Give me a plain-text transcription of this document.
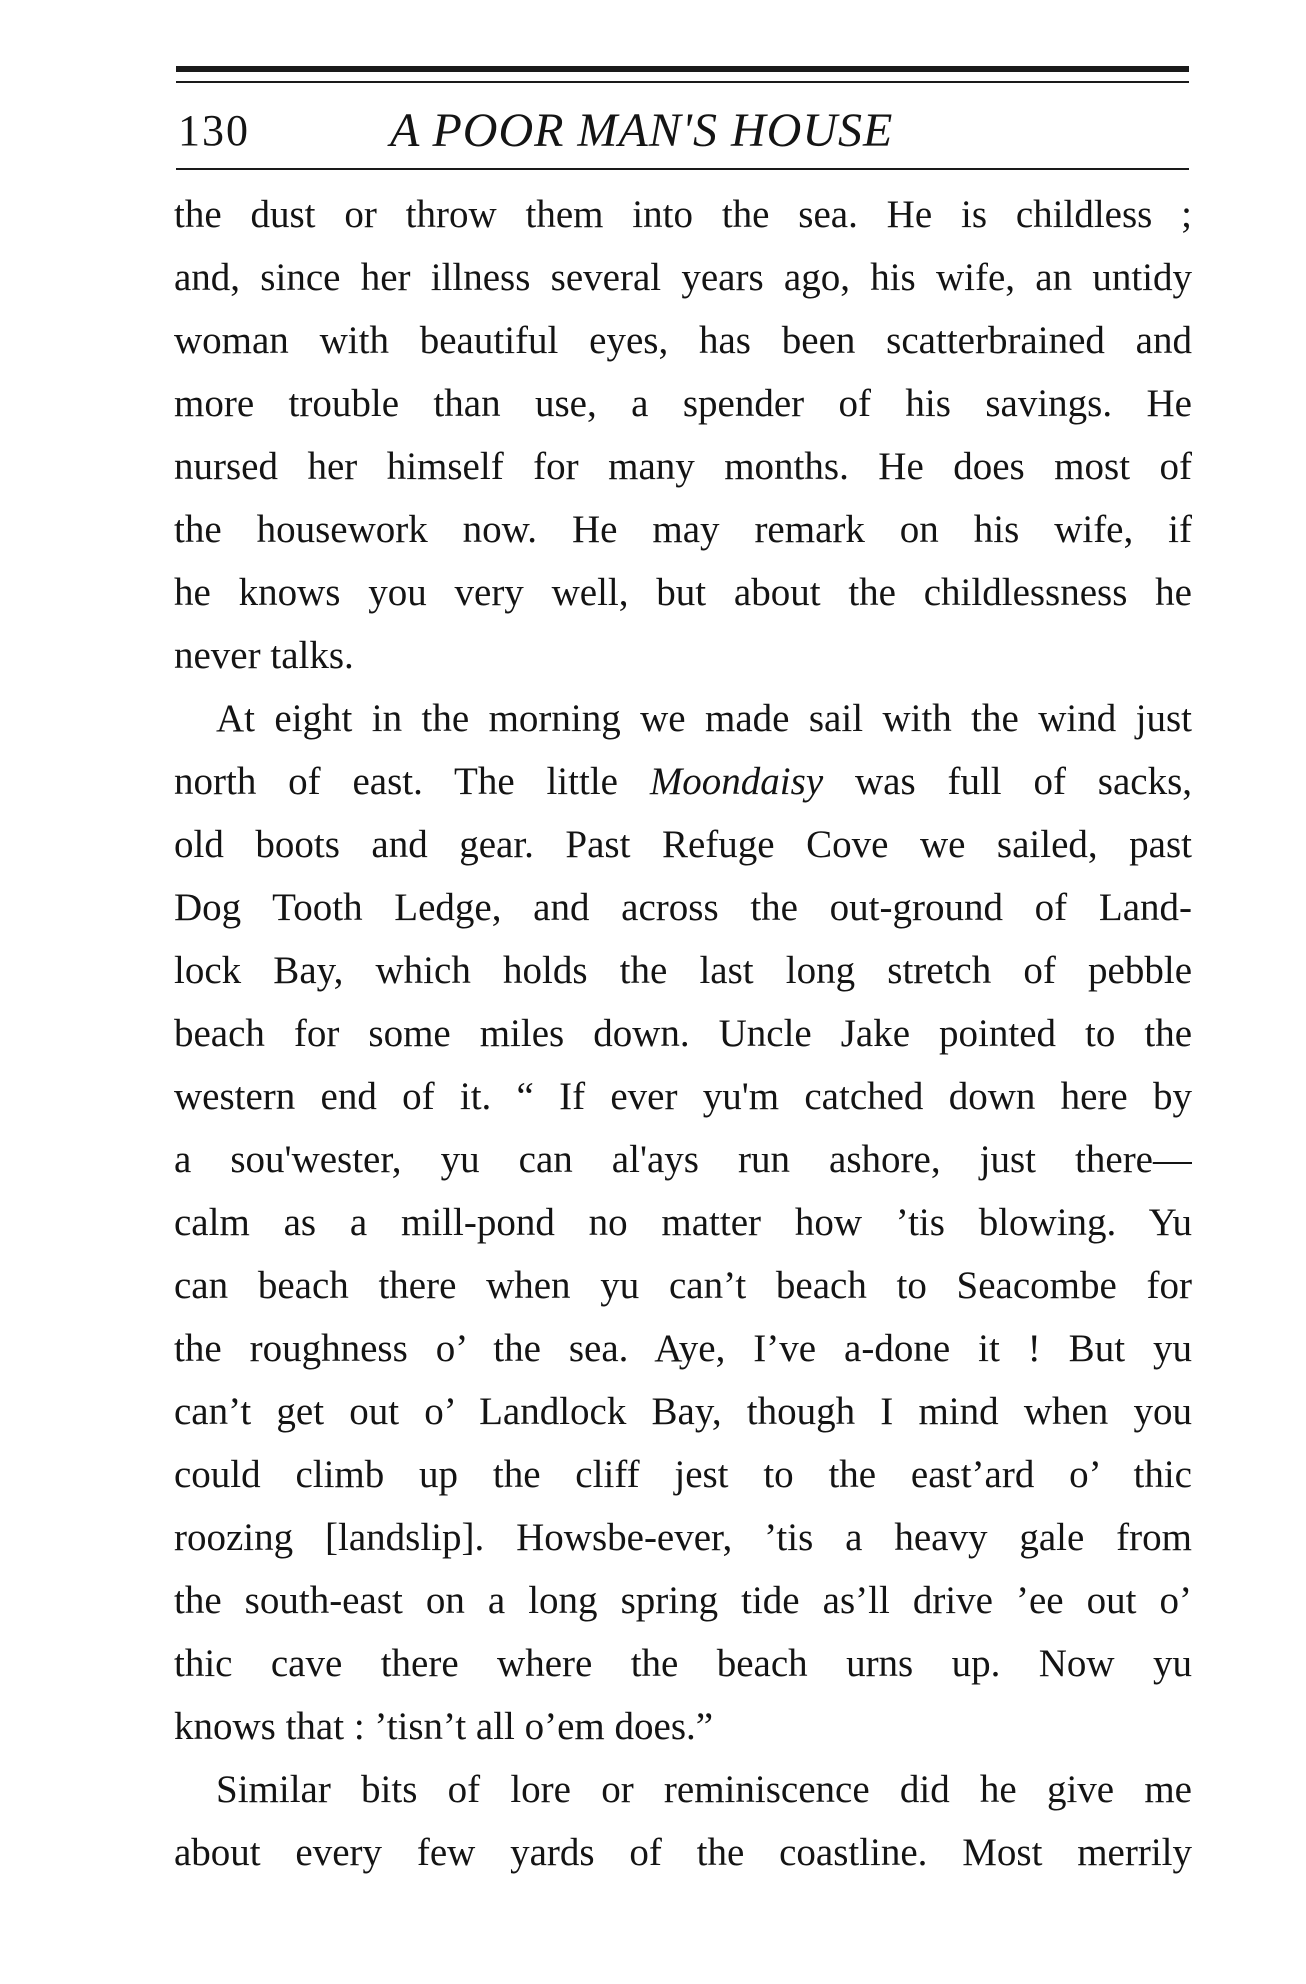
130	A POOR MAN'S HOUSE
the dust or throw them into the sea. He is childless ;
and, since her illness several years ago, his wife, an untidy
woman with beautiful eyes, has been scatterbrained and
more trouble than use, a spender of his savings. He
nursed her himself for many months. He does most of
the housework now. He may remark on his wife, if
he knows you very well, but about the childlessness he
never talks.
At eight in the morning we made sail with the wind just
north of east. The little Moondaisy was full of sacks,
old boots and gear. Past Refuge Cove we sailed, past
Dog Tooth Ledge, and across the out-ground of Land-
lock Bay, which holds the last long stretch of pebble
beach for some miles down. Uncle Jake pointed to the
western end of it. “ If ever yu'm catched down here by
a sou'wester, yu can al'ays run ashore, just there—
calm as a mill-pond no matter how ’tis blowing. Yu
can beach there when yu can’t beach to Seacombe for
the roughness o’ the sea. Aye, I’ve a-done it ! But yu
can’t get out o’ Landlock Bay, though I mind when you
could climb up the cliff jest to the east’ard o’ thic
roozing [landslip]. Howsbe-ever, ’tis a heavy gale from
the south-east on a long spring tide as’ll drive ’ee out o’
thic cave there where the beach urns up. Now yu
knows that : ’tisn’t all o’em does.”
Similar bits of lore or reminiscence did he give me
about every few yards of the coastline. Most merrily
